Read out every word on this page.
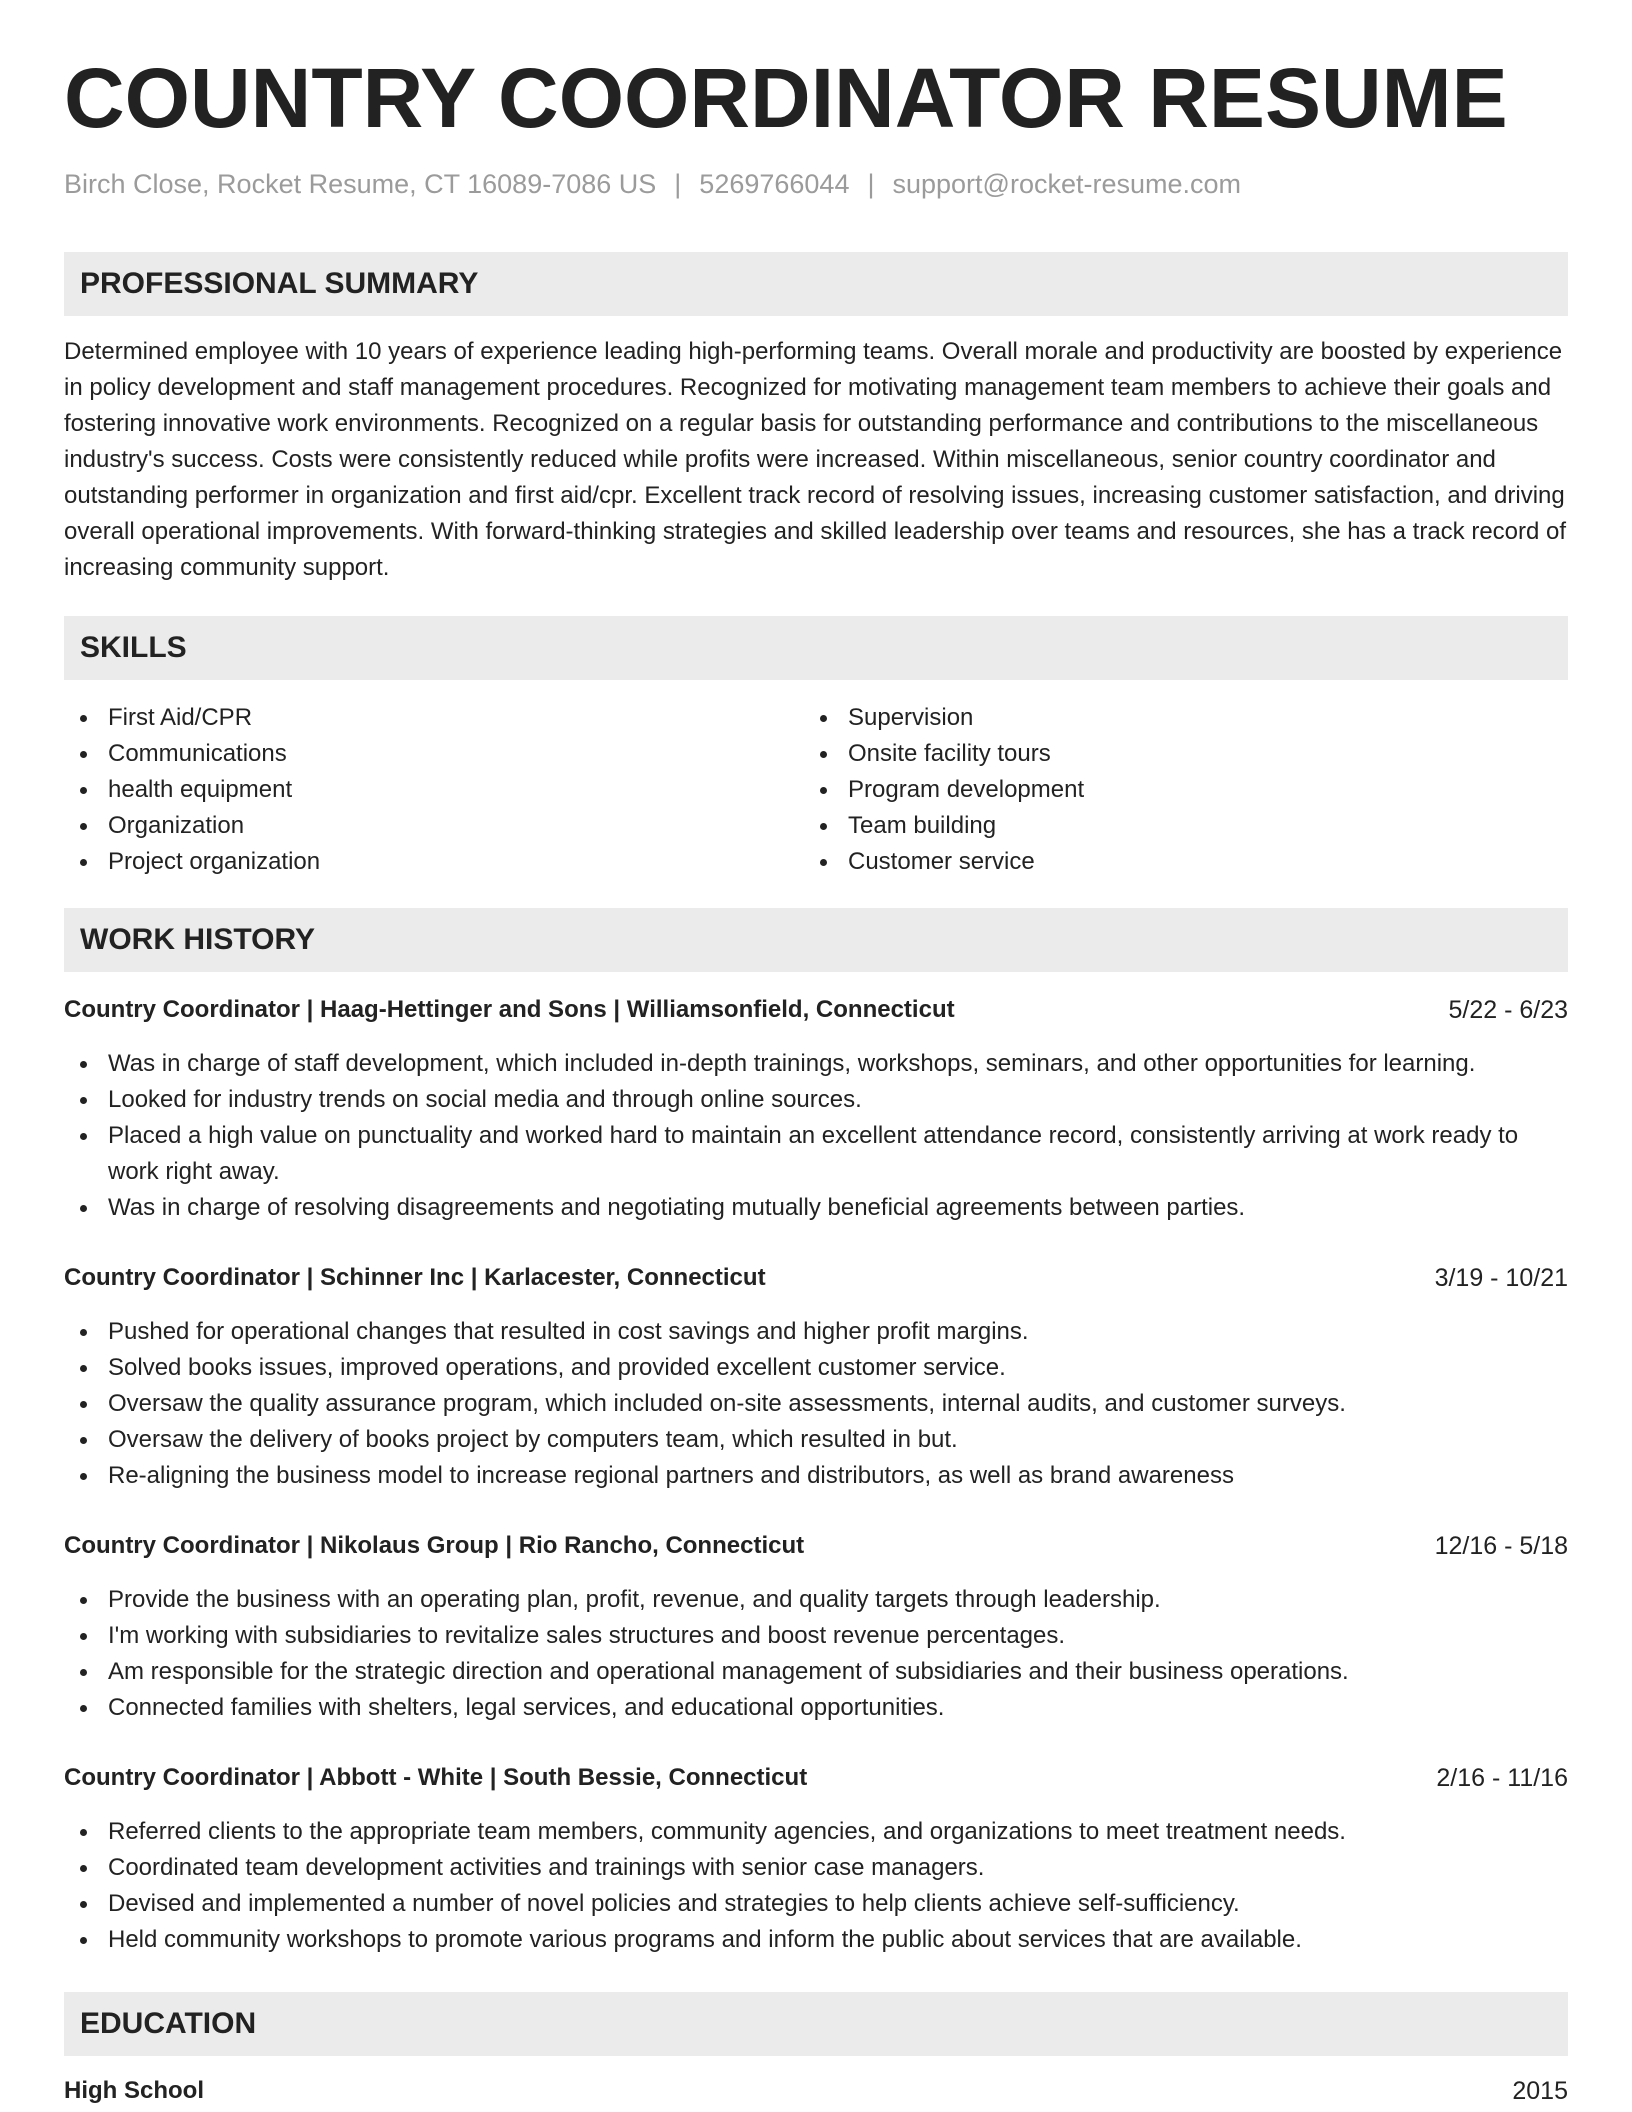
COUNTRY COORDINATOR RESUME
Birch Close, Rocket Resume, CT 16089-7086 US | 5269766044 | support@rocket-resume.com
PROFESSIONAL SUMMARY

Determined employee with 10 years of experience leading high-performing teams. Overall morale and productivity are boosted by experience in policy development and staff management procedures. Recognized for motivating management team members to achieve their goals and fostering innovative work environments. Recognized on a regular basis for outstanding performance and contributions to the miscellaneous industry's success. Costs were consistently reduced while profits were increased. Within miscellaneous, senior country coordinator and outstanding performer in organization and first aid/cpr. Excellent track record of resolving issues, increasing customer satisfaction, and driving overall operational improvements. With forward-thinking strategies and skilled leadership over teams and resources, she has a track record of increasing community support.

SKILLS
First Aid/CPR
Communications
health equipment
Organization
Project organization
Supervision
Onsite facility tours
Program development
Team building
Customer service
WORK HISTORY
Country Coordinator | Haag-Hettinger and Sons | Williamsonfield, Connecticut	5/22 - 6/23
Was in charge of staff development, which included in-depth trainings, workshops, seminars, and other opportunities for learning.
Looked for industry trends on social media and through online sources.
Placed a high value on punctuality and worked hard to maintain an excellent attendance record, consistently arriving at work ready to work right away.
Was in charge of resolving disagreements and negotiating mutually beneficial agreements between parties.
Country Coordinator | Schinner Inc | Karlacester, Connecticut	3/19 - 10/21
Pushed for operational changes that resulted in cost savings and higher profit margins.
Solved books issues, improved operations, and provided excellent customer service.
Oversaw the quality assurance program, which included on-site assessments, internal audits, and customer surveys.
Oversaw the delivery of books project by computers team, which resulted in but.
Re-aligning the business model to increase regional partners and distributors, as well as brand awareness
Country Coordinator | Nikolaus Group | Rio Rancho, Connecticut	12/16 - 5/18
Provide the business with an operating plan, profit, revenue, and quality targets through leadership.
I'm working with subsidiaries to revitalize sales structures and boost revenue percentages.
Am responsible for the strategic direction and operational management of subsidiaries and their business operations.
Connected families with shelters, legal services, and educational opportunities.
Country Coordinator | Abbott - White | South Bessie, Connecticut	2/16 - 11/16
Referred clients to the appropriate team members, community agencies, and organizations to meet treatment needs.
Coordinated team development activities and trainings with senior case managers.
Devised and implemented a number of novel policies and strategies to help clients achieve self-sufficiency.
Held community workshops to promote various programs and inform the public about services that are available.
EDUCATION
High School	2015
